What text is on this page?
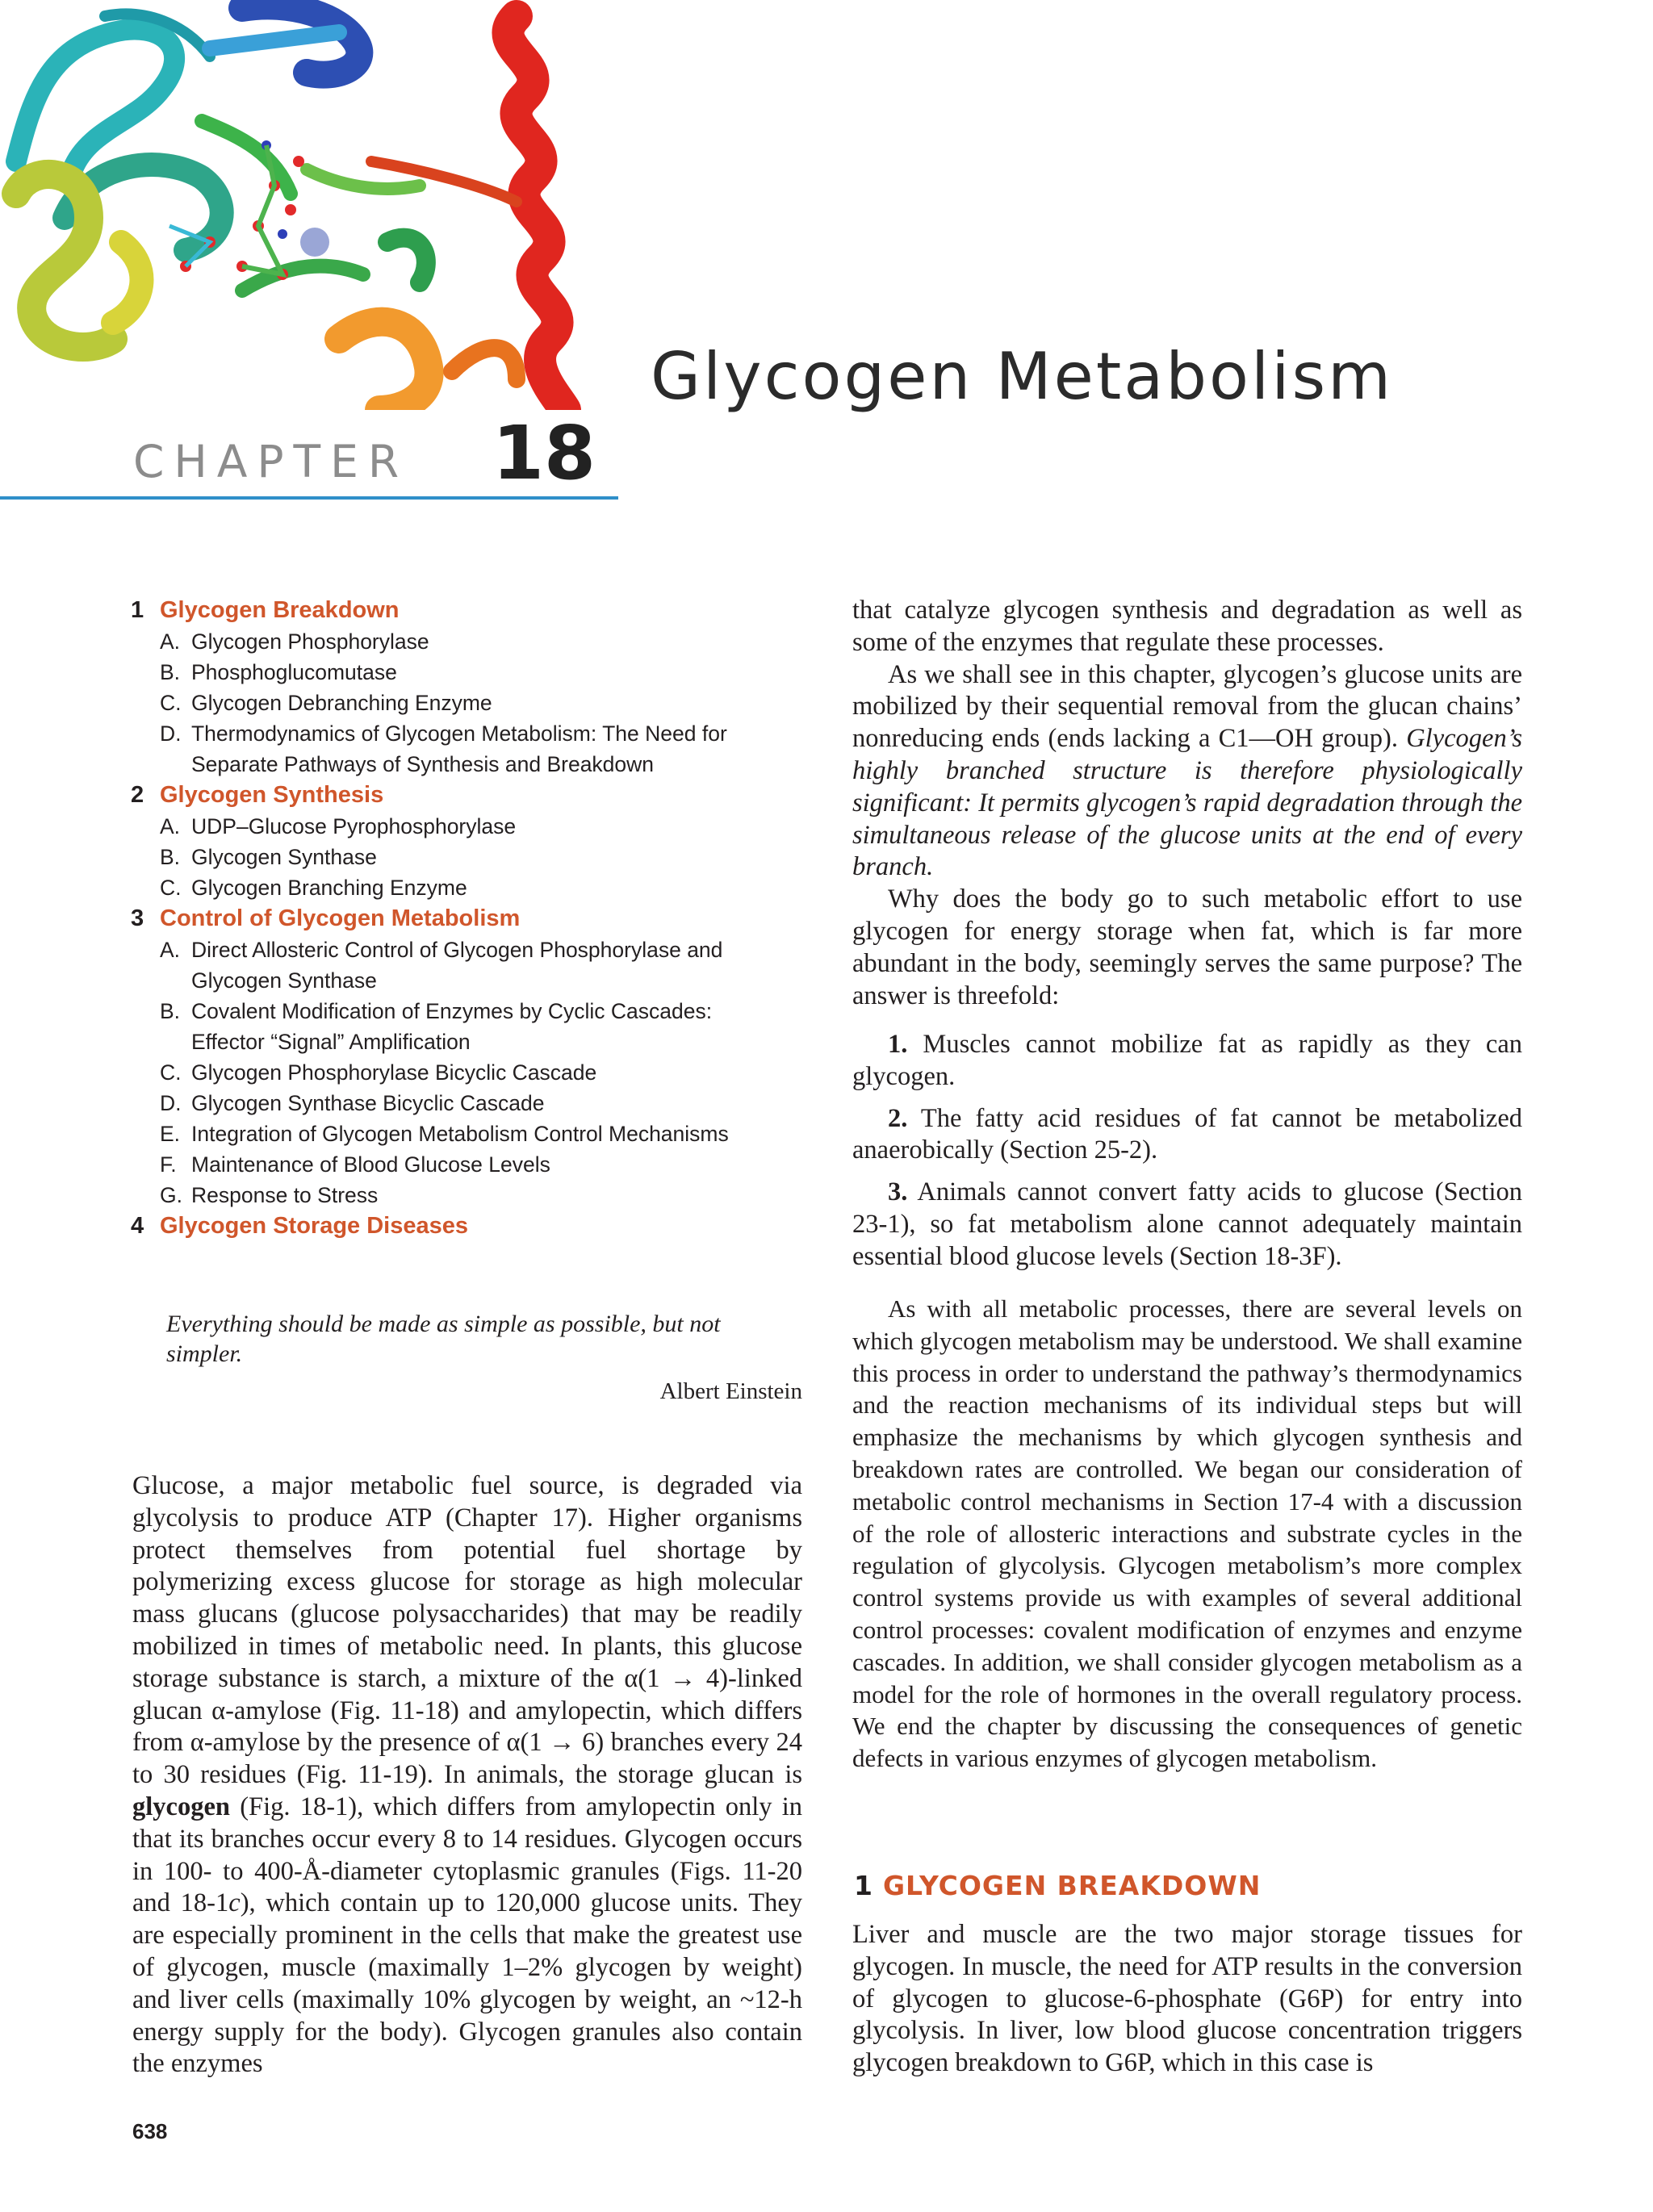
Glycogen Metabolism
CHAPTER 18
1 Glycogen Breakdown
A. Glycogen Phosphorylase
B. Phosphoglucomutase
C. Glycogen Debranching Enzyme
D. Thermodynamics of Glycogen Metabolism: The Need for
Separate Pathways of Synthesis and Breakdown
2 Glycogen Synthesis
A. UDP–Glucose Pyrophosphorylase
B. Glycogen Synthase
C. Glycogen Branching Enzyme
3 Control of Glycogen Metabolism
A. Direct Allosteric Control of Glycogen Phosphorylase and
Glycogen Synthase
B. Covalent Modification of Enzymes by Cyclic Cascades:
Effector “Signal” Amplification
C. Glycogen Phosphorylase Bicyclic Cascade
D. Glycogen Synthase Bicyclic Cascade
E. Integration of Glycogen Metabolism Control Mechanisms
F. Maintenance of Blood Glucose Levels
G. Response to Stress
4 Glycogen Storage Diseases
Everything should be made as simple as possible, but not simpler.
Albert Einstein

Glucose, a major metabolic fuel source, is degraded via glycolysis to produce ATP (Chapter 17). Higher organisms protect themselves from potential fuel shortage by polymerizing excess glucose for storage as high molecular mass glucans (glucose polysaccharides) that may be readily mobilized in times of metabolic need. In plants, this glucose storage substance is starch, a mixture of the α(1 → 4)-linked glucan α-amylose (Fig. 11-18) and amylopectin, which differs from α-amylose by the presence of α(1 → 6) branches every 24 to 30 residues (Fig. 11-19). In animals, the storage glucan is glycogen (Fig. 18-1), which differs from amylopectin only in that its branches occur every 8 to 14 residues. Glycogen occurs in 100- to 400-Å-diameter cytoplasmic granules (Figs. 11-20 and 18-1c), which contain up to 120,000 glucose units. They are especially prominent in the cells that make the greatest use of glycogen, muscle (maximally 1–2% glycogen by weight) and liver cells (maximally 10% glycogen by weight, an ~12-h energy supply for the body). Glycogen granules also contain the enzymes

that catalyze glycogen synthesis and degradation as well as some of the enzymes that regulate these processes.

As we shall see in this chapter, glycogen’s glucose units are mobilized by their sequential removal from the glucan chains’ nonreducing ends (ends lacking a C1—OH group). Glycogen’s highly branched structure is therefore physiologically significant: It permits glycogen’s rapid degradation through the simultaneous release of the glucose units at the end of every branch.

Why does the body go to such metabolic effort to use glycogen for energy storage when fat, which is far more abundant in the body, seemingly serves the same purpose? The answer is threefold:

1. Muscles cannot mobilize fat as rapidly as they can glycogen.

2. The fatty acid residues of fat cannot be metabolized anaerobically (Section 25-2).

3. Animals cannot convert fatty acids to glucose (Section 23-1), so fat metabolism alone cannot adequately maintain essential blood glucose levels (Section 18-3F).

As with all metabolic processes, there are several levels on which glycogen metabolism may be understood. We shall examine this process in order to understand the pathway’s thermodynamics and the reaction mechanisms of its individual steps but will emphasize the mechanisms by which glycogen synthesis and breakdown rates are controlled. We began our consideration of metabolic control mechanisms in Section 17-4 with a discussion of the role of allosteric interactions and substrate cycles in the regulation of glycolysis. Glycogen metabolism’s more complex control systems provide us with examples of several additional control processes: covalent modification of enzymes and enzyme cascades. In addition, we shall consider glycogen metabolism as a model for the role of hormones in the overall regulatory process. We end the chapter by discussing the consequences of genetic defects in various enzymes of glycogen metabolism.

1 GLYCOGEN BREAKDOWN

Liver and muscle are the two major storage tissues for glycogen. In muscle, the need for ATP results in the conversion of glycogen to glucose-6-phosphate (G6P) for entry into glycolysis. In liver, low blood glucose concentration triggers glycogen breakdown to G6P, which in this case is

638
